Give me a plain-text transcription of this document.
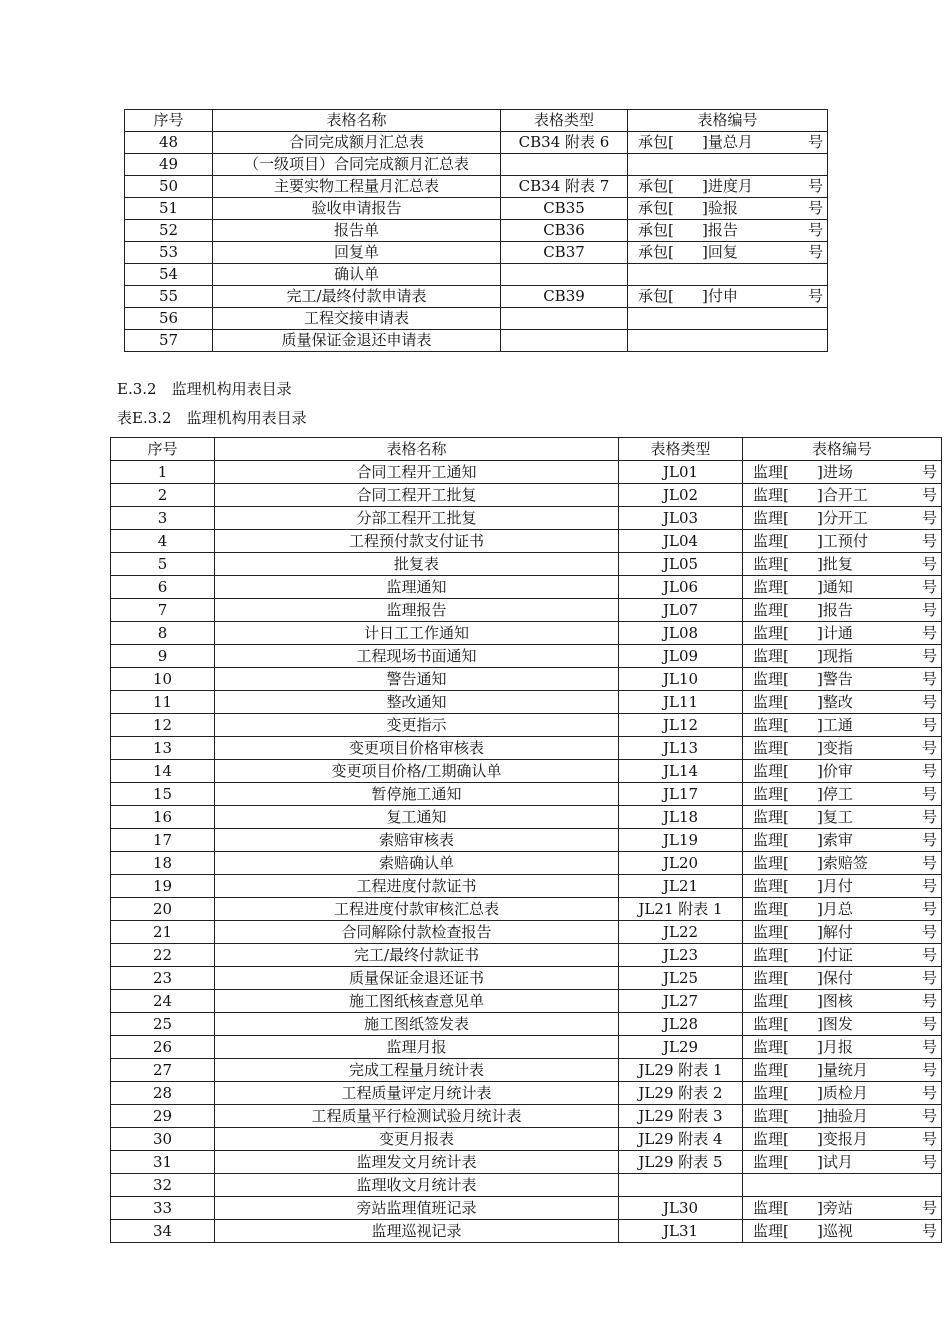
序号	表格名称	表格类型	表格编号
48	合同完成额月汇总表	CB34 附表 6	承包[ ]量总月 号

49	（一级项目）合同完成额月汇总表		

50	主要实物工程量月汇总表	CB34 附表 7	承包[ ]进度月 号

51	验收申请报告	CB35	承包[ ]验报 号

52	报告单	CB36	承包[ ]报告 号

53	回复单	CB37	承包[ ]回复 号

54	确认单		

55	完工/最终付款申请表	CB39	承包[ ]付申 号

56	工程交接申请表		

57	质量保证金退还申请表		
E.3.2　监理机构用表目录
表E.3.2　监理机构用表目录
序号	表格名称	表格类型	表格编号
1	合同工程开工通知	JL01	监理[ ]进场 号

2	合同工程开工批复	JL02	监理[ ]合开工 号

3	分部工程开工批复	JL03	监理[ ]分开工 号

4	工程预付款支付证书	JL04	监理[ ]工预付 号

5	批复表	JL05	监理[ ]批复 号

6	监理通知	JL06	监理[ ]通知 号

7	监理报告	JL07	监理[ ]报告 号

8	计日工工作通知	JL08	监理[ ]计通 号

9	工程现场书面通知	JL09	监理[ ]现指 号

10	警告通知	JL10	监理[ ]警告 号

11	整改通知	JL11	监理[ ]整改 号

12	变更指示	JL12	监理[ ]工通 号

13	变更项目价格审核表	JL13	监理[ ]变指 号

14	变更项目价格/工期确认单	JL14	监理[ ]价审 号

15	暂停施工通知	JL17	监理[ ]停工 号

16	复工通知	JL18	监理[ ]复工 号

17	索赔审核表	JL19	监理[ ]索审 号

18	索赔确认单	JL20	监理[ ]索赔签 号

19	工程进度付款证书	JL21	监理[ ]月付 号

20	工程进度付款审核汇总表	JL21 附表 1	监理[ ]月总 号

21	合同解除付款检查报告	JL22	监理[ ]解付 号

22	完工/最终付款证书	JL23	监理[ ]付证 号

23	质量保证金退还证书	JL25	监理[ ]保付 号

24	施工图纸核查意见单	JL27	监理[ ]图核 号

25	施工图纸签发表	JL28	监理[ ]图发 号

26	监理月报	JL29	监理[ ]月报 号

27	完成工程量月统计表	JL29 附表 1	监理[ ]量统月 号

28	工程质量评定月统计表	JL29 附表 2	监理[ ]质检月 号

29	工程质量平行检测试验月统计表	JL29 附表 3	监理[ ]抽验月 号

30	变更月报表	JL29 附表 4	监理[ ]变报月 号

31	监理发文月统计表	JL29 附表 5	监理[ ]试月 号

32	监理收文月统计表		

33	旁站监理值班记录	JL30	监理[ ]旁站 号

34	监理巡视记录	JL31	监理[ ]巡视 号
